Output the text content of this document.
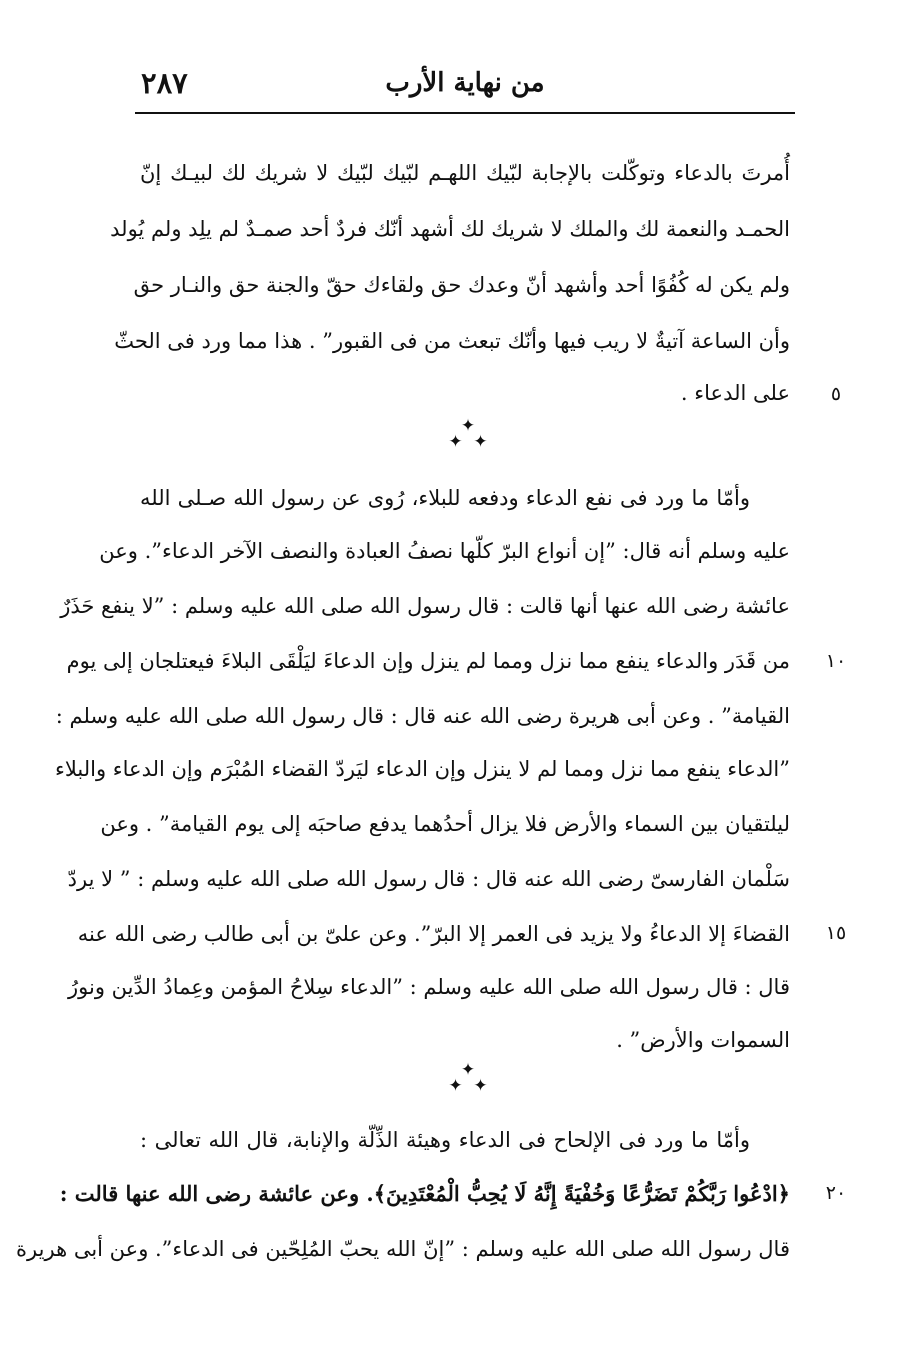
٢٨٧	من نهاية الأرب
أُمرتَ بالدعاء وتوكّلت بالإجابة لبّيك اللهـم لبّيك لبّيك لا شريك لك لبيـك إنّ
الحمـد والنعمة لك والملك لا شريك لك أشهد أنّك فردٌ أحد صمـدٌ لم يلِد ولم يُولد
ولم يكن له كُفُوًا أحد وأشهد أنّ وعدك حق ولقاءك حقّ والجنة حق والنـار حق
وأن الساعة آتيةٌ لا ريب فيها وأنّك تبعث من فى القبور” . هذا مما ورد فى الحثّ
على الدعاء .	٥
✦
✦ ✦
وأمّا ما ورد فى نفع الدعاء ودفعه للبلاء، رُوى عن رسول الله صـلى الله
عليه وسلم أنه قال: ”إن أنواع البرّ كلّها نصفُ العبادة والنصف الآخر الدعاء”. وعن
عائشة رضى الله عنها أنها قالت : قال رسول الله صلى الله عليه وسلم : ”لا ينفع حَذَرٌ
من قَدَر والدعاء ينفع مما نزل ومما لم ينزل وإن الدعاءَ ليَلْقَى البلاءَ فيعتلجان إلى يوم	١٠
القيامة” . وعن أبى هريرة رضى الله عنه قال : قال رسول الله صلى الله عليه وسلم :
”الدعاء ينفع مما نزل ومما لم لا ينزل وإن الدعاء ليَردّ القضاء المُبْرَم وإن الدعاء والبلاء
ليلتقيان بين السماء والأرض فلا يزال أحدُهما يدفع صاحبَه إلى يوم القيامة” . وعن
سَلْمان الفارسىّ رضى الله عنه قال : قال رسول الله صلى الله عليه وسلم : ” لا يردّ
القضاءَ إلا الدعاءُ ولا يزيد فى العمر إلا البرّ”. وعن علىّ بن أبى طالب رضى الله عنه	١٥
قال : قال رسول الله صلى الله عليه وسلم : ”الدعاء سِلاحُ المؤمن وعِمادُ الدِّين ونورُ
السموات والأرض” .
✦
✦ ✦
وأمّا ما ورد فى الإلحاح فى الدعاء وهيئة الذِّلّة والإنابة، قال الله تعالى :
﴿ادْعُوا رَبَّكُمْ تَضَرُّعًا وَخُفْيَةً إِنَّهُ لَا يُحِبُّ الْمُعْتَدِينَ﴾. وعن عائشة رضى الله عنها قالت :	٢٠
قال رسول الله صلى الله عليه وسلم : ”إنّ الله يحبّ المُلِحّين فى الدعاء”. وعن أبى هريرة
